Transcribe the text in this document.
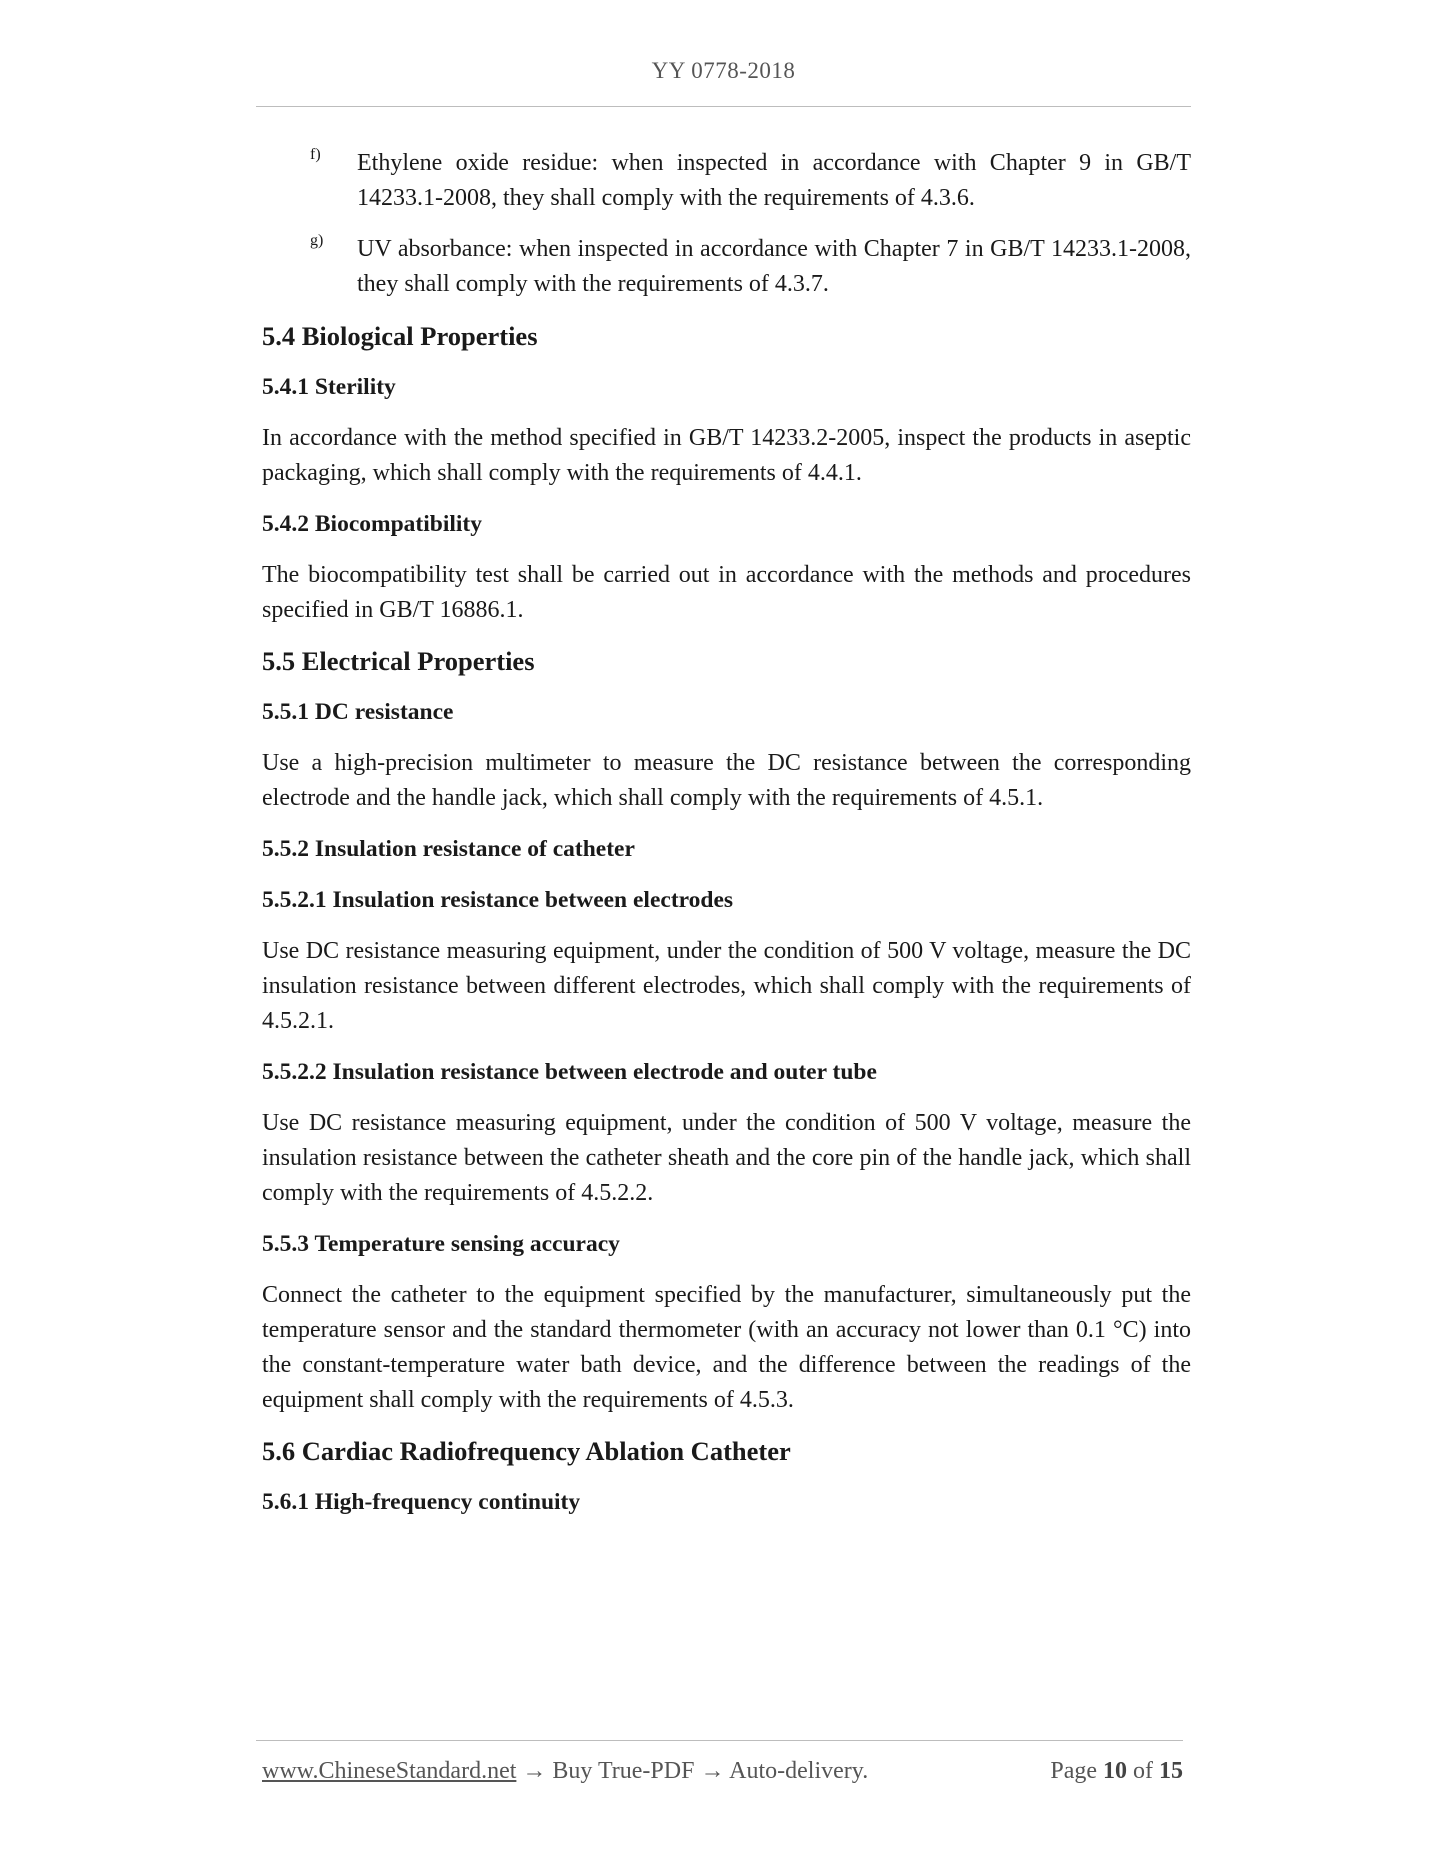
YY 0778-2018
f) Ethylene oxide residue: when inspected in accordance with Chapter 9 in GB/T 14233.1-2008, they shall comply with the requirements of 4.3.6.

g) UV absorbance: when inspected in accordance with Chapter 7 in GB/T 14233.1-2008, they shall comply with the requirements of 4.3.7.

5.4 Biological Properties
5.4.1 Sterility

In accordance with the method specified in GB/T 14233.2-2005, inspect the products in aseptic packaging, which shall comply with the requirements of 4.4.1.

5.4.2 Biocompatibility

The biocompatibility test shall be carried out in accordance with the methods and procedures specified in GB/T 16886.1.

5.5 Electrical Properties
5.5.1 DC resistance

Use a high-precision multimeter to measure the DC resistance between the corresponding electrode and the handle jack, which shall comply with the requirements of 4.5.1.

5.5.2 Insulation resistance of catheter
5.5.2.1 Insulation resistance between electrodes

Use DC resistance measuring equipment, under the condition of 500 V voltage, measure the DC insulation resistance between different electrodes, which shall comply with the requirements of 4.5.2.1.

5.5.2.2 Insulation resistance between electrode and outer tube

Use DC resistance measuring equipment, under the condition of 500 V voltage, measure the insulation resistance between the catheter sheath and the core pin of the handle jack, which shall comply with the requirements of 4.5.2.2.

5.5.3 Temperature sensing accuracy

Connect the catheter to the equipment specified by the manufacturer, simultaneously put the temperature sensor and the standard thermometer (with an accuracy not lower than 0.1 °C) into the constant-temperature water bath device, and the difference between the readings of the equipment shall comply with the requirements of 4.5.3.

5.6 Cardiac Radiofrequency Ablation Catheter
5.6.1 High-frequency continuity
www.ChineseStandard.net → Buy True-PDF → Auto-delivery.	Page 10 of 15
